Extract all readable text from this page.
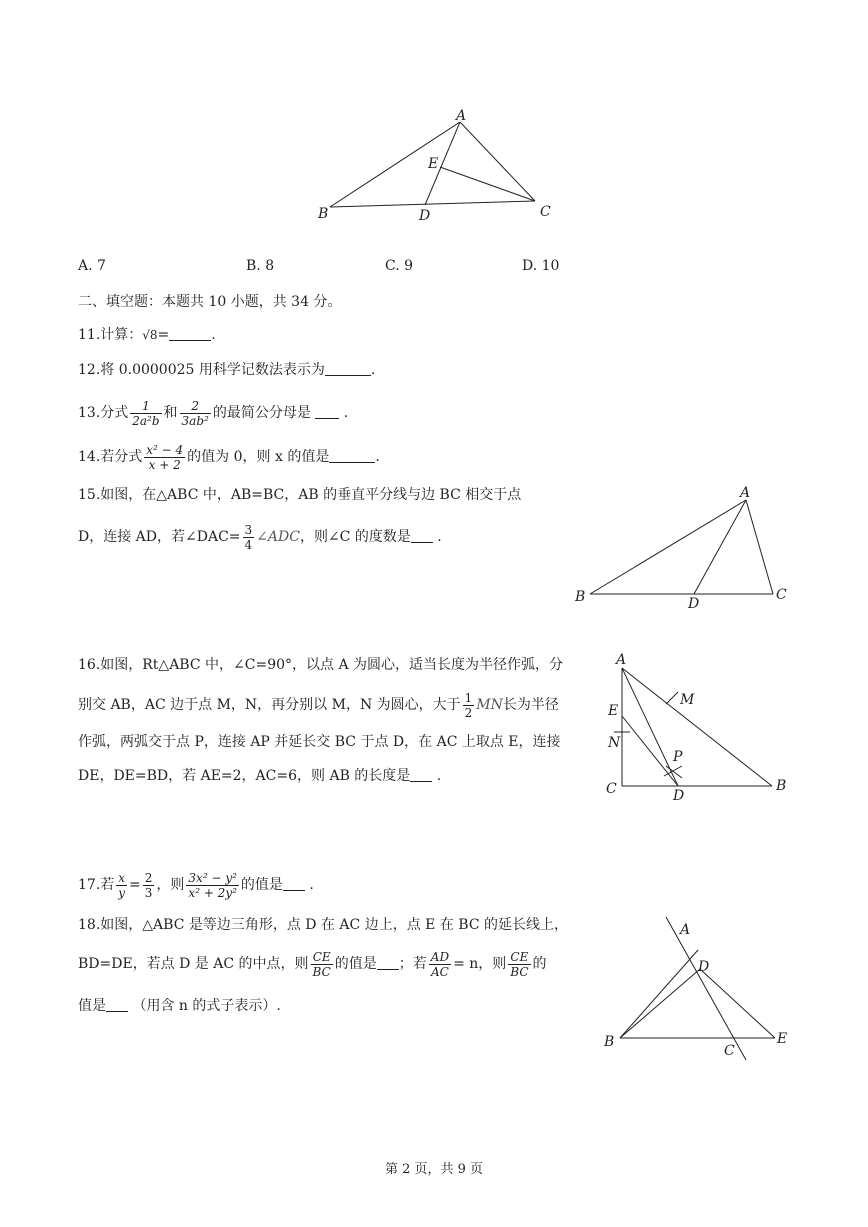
A
E
B	D	C
A. 7	B. 8	C. 9	D. 10
二、填空题：本题共 10 小题，共 34 分。
11.计算：√8=	.
12.将 0.0000025 用科学记数法表示为	.
13.分式 $\frac{1}{\text{2a²b}}$ 和 $\frac{2}{\text{3ab²}}$ 的最简公分母是  .
14.若分式 $\frac{\text{x² − 4}}{x + 2}$ 的值为 0，则 x 的值是	.
15.如图，在△ABC 中，AB=BC，AB 的垂直平分线与边 BC 相交于点
D，连接 AD，若∠DAC= $\frac{3}{4}$ ∠ADC，则∠C 的度数是 .
A
B	D
C
16.如图，Rt△ABC 中，∠C=90°，以点 A 为圆心，适当长度为半径作弧，分
别交 AB，AC 边于点 M，N，再分别以 M，N 为圆心，大于 $\frac{1}{2}$ MN长为半径
作弧，两弧交于点 P，连接 AP 并延长交 BC 于点 D，在 AC 上取点 E，连接
DE，DE=BD，若 AE=2，AC=6，则 AB 的长度是 .
A
M
E
N
P
C	D
B
17.若 $\frac{x}{y} = \frac{2}{3}$ ，则 $\frac{\text{3x² − y²}}{\text{x² + 2y²}}$ 的值是 .
18.如图，△ABC 是等边三角形，点 D 在 AC 边上，点 E 在 BC 的延长线上，
BD=DE，若点 D 是 AC 的中点，则 $\frac{CE}{BC}$ 的值是 ；若 $\frac{AD}{AC} = n$，则 $\frac{CE}{BC}$ 的
值是 （用含 n 的式子表示）.
A
D
B
C
E
第 2 页，共 9 页
